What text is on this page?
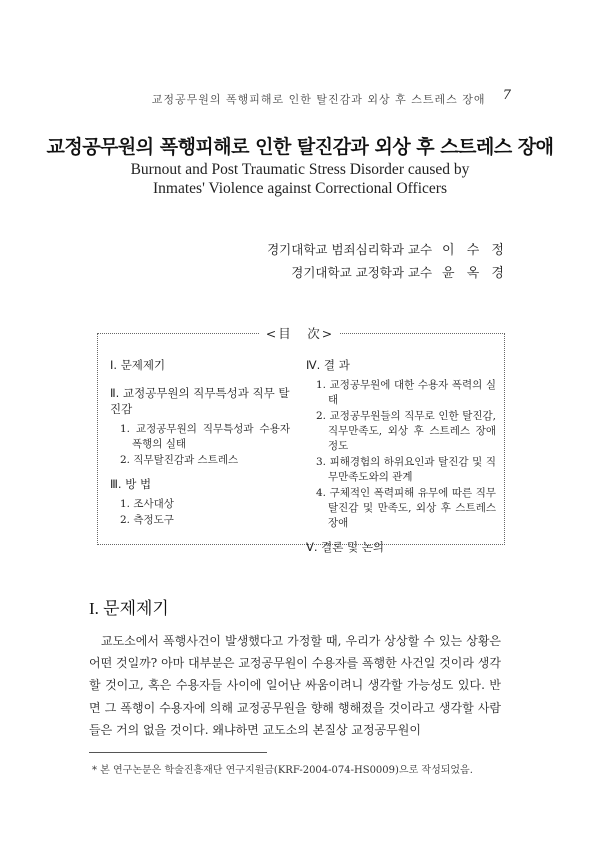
교정공무원의 폭행피해로 인한 탈진감과 외상 후 스트레스 장애	7
교정공무원의 폭행피해로 인한 탈진감과 외상 후 스트레스 장애
Burnout and Post Traumatic Stress Disorder caused by
Inmates' Violence against Correctional Officers
경기대학교 범죄심리학과 교수 이 수 정
경기대학교 교정학과 교수 윤 옥 경
<目　次>
Ⅰ. 문제제기
Ⅱ. 교정공무원의 직무특성과 직무 탈진감
1. 교정공무원의 직무특성과 수용자 폭행의 실태
2. 직무탈진감과 스트레스
Ⅲ. 방 법
1. 조사대상
2. 측정도구
Ⅳ. 결 과
1. 교정공무원에 대한 수용자 폭력의 실태
2. 교정공무원들의 직무로 인한 탈진감, 직무만족도, 외상 후 스트레스 장애 정도
3. 피해경험의 하위요인과 탈진감 및 직무만족도와의 관계
4. 구체적인 폭력피해 유무에 따른 직무탈진감 및 만족도, 외상 후 스트레스 장애
Ⅴ. 결론 및 논의
I. 문제제기

교도소에서 폭행사건이 발생했다고 가정할 때, 우리가 상상할 수 있는 상황은 어떤 것일까? 아마 대부분은 교정공무원이 수용자를 폭행한 사건일 것이라 생각할 것이고, 혹은 수용자들 사이에 일어난 싸움이려니 생각할 가능성도 있다. 반면 그 폭행이 수용자에 의해 교정공무원을 향해 행해졌을 것이라고 생각할 사람들은 거의 없을 것이다. 왜냐하면 교도소의 본질상 교정공무원이

* 본 연구논문은 학술진흥재단 연구지원금(KRF-2004-074-HS0009)으로 작성되었음.
